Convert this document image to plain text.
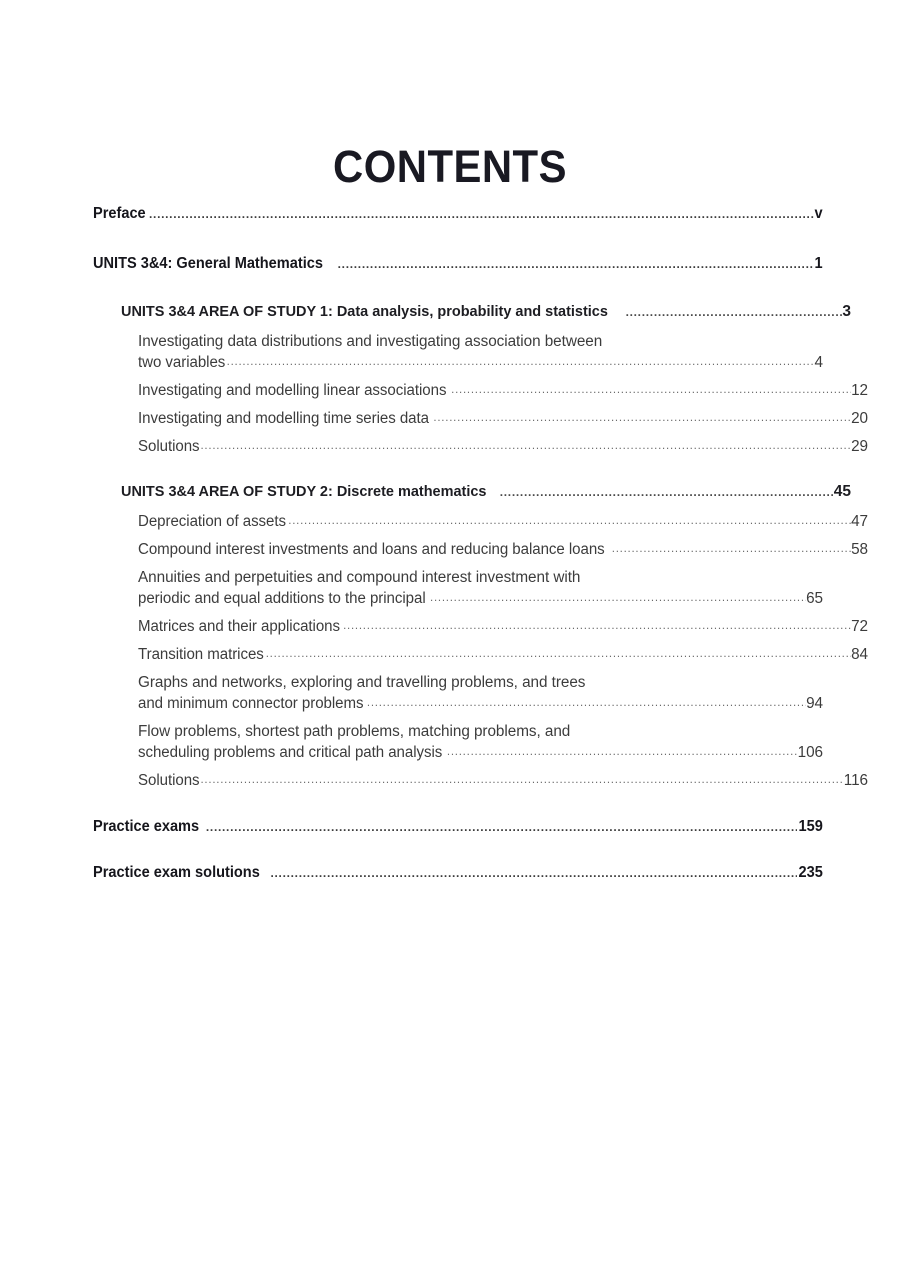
CONTENTS
Preface .....	v
UNITS 3&4: General Mathematics .....	1
UNITS 3&4 AREA OF STUDY 1: Data analysis, probability and statistics .....	3
Investigating data distributions and investigating association between
two variables .....	4
Investigating and modelling linear associations .....	12
Investigating and modelling time series data .....	20
Solutions .....	29
UNITS 3&4 AREA OF STUDY 2: Discrete mathematics .....	45
Depreciation of assets .....	47
Compound interest investments and loans and reducing balance loans .....	58
Annuities and perpetuities and compound interest investment with
periodic and equal additions to the principal .....	65
Matrices and their applications .....	72
Transition matrices .....	84
Graphs and networks, exploring and travelling problems, and trees
and minimum connector problems .....	94
Flow problems, shortest path problems, matching problems, and
scheduling problems and critical path analysis .....	106
Solutions .....	116
Practice exams .....	159
Practice exam solutions .....	235
